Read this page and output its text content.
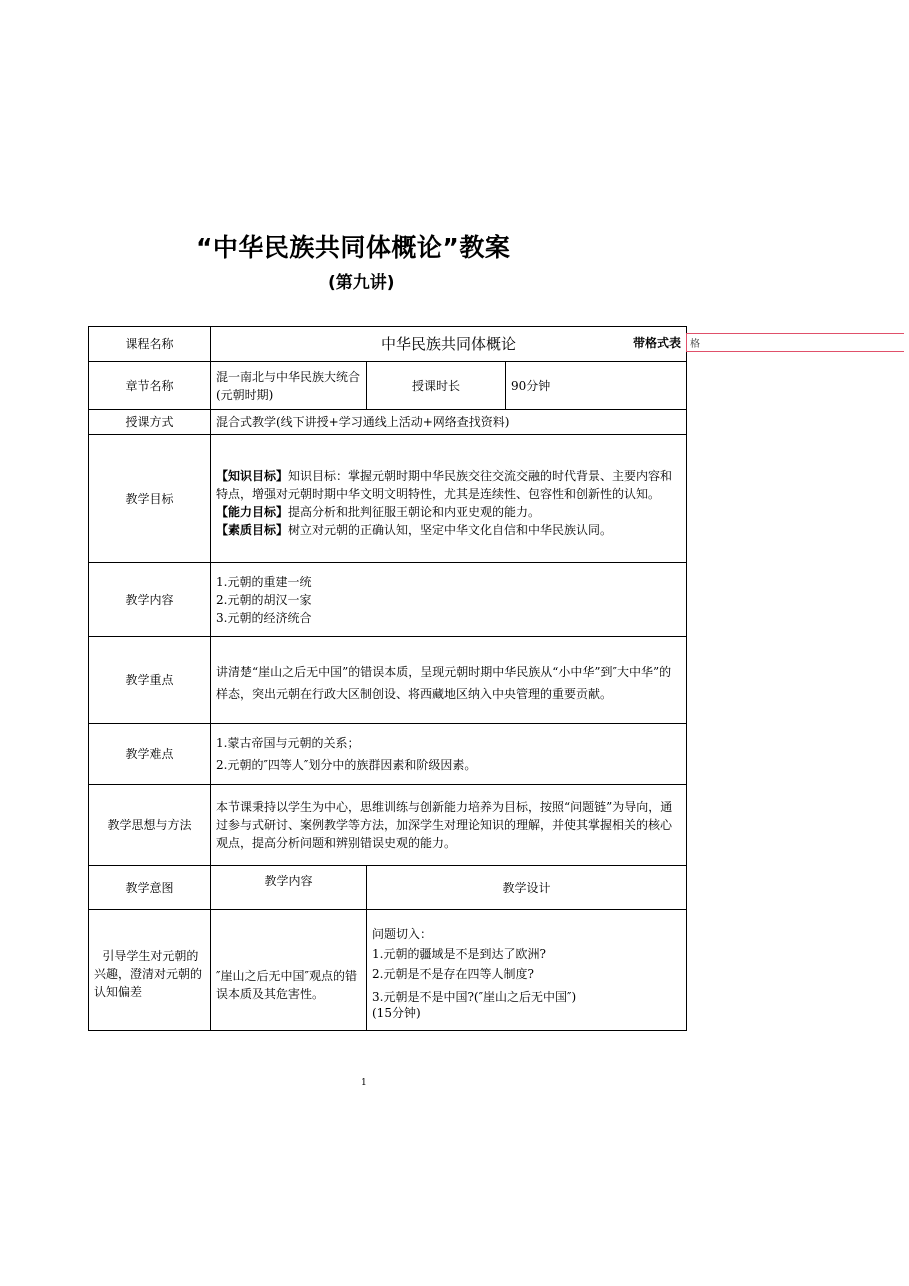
“中华民族共同体概论”教案
(第九讲)
课程名称	中华民族共同体概论		
章节名称	混一南北与中华民族大统合(元朝时期)	授课时长	90分钟
授课方式	混合式教学(线下讲授+学习通线上活动+网络查找资料)		
教学目标	【知识目标】知识目标：掌握元朝时期中华民族交往交流交融的时代背景、主要内容和特点，增强对元朝时期中华文明文明特性，尤其是连续性、包容性和创新性的认知。
【能力目标】提高分析和批判征服王朝论和内亚史观的能力。
【素质目标】树立对元朝的正确认知，坚定中华文化自信和中华民族认同。		

教学内容	1.元朝的重建一统
2.元朝的胡汉一家
3.元朝的经济统合		

教学重点	讲清楚“崖山之后无中国”的错误本质，呈现元朝时期中华民族从“小中华”到″大中华”的样态，突出元朝在行政大区制创设、将西藏地区纳入中央管理的重要贡献。		
教学难点	1.蒙古帝国与元朝的关系；
2.元朝的″四等人″划分中的族群因素和阶级因素。		

教学思想与方法	本节课秉持以学生为中心，思维训练与创新能力培养为目标，按照“问题链”为导向，通过参与式研讨、案例教学等方法，加深学生对理论知识的理解，并使其掌握相关的核心观点，提高分析问题和辨别错误史观的能力。		
教学意图	教学内容	教学设计	
引导学生对元朝的兴趣，澄清对元朝的认知偏差	″崖山之后无中国″观点的错误本质及其危害性。	问题切入：
1.元朝的疆域是不是到达了欧洲?
2.元朝是不是存在四等人制度?
3.元朝是不是中国?(″崖山之后无中国″)
(15分钟)	
带格式表 格
1
